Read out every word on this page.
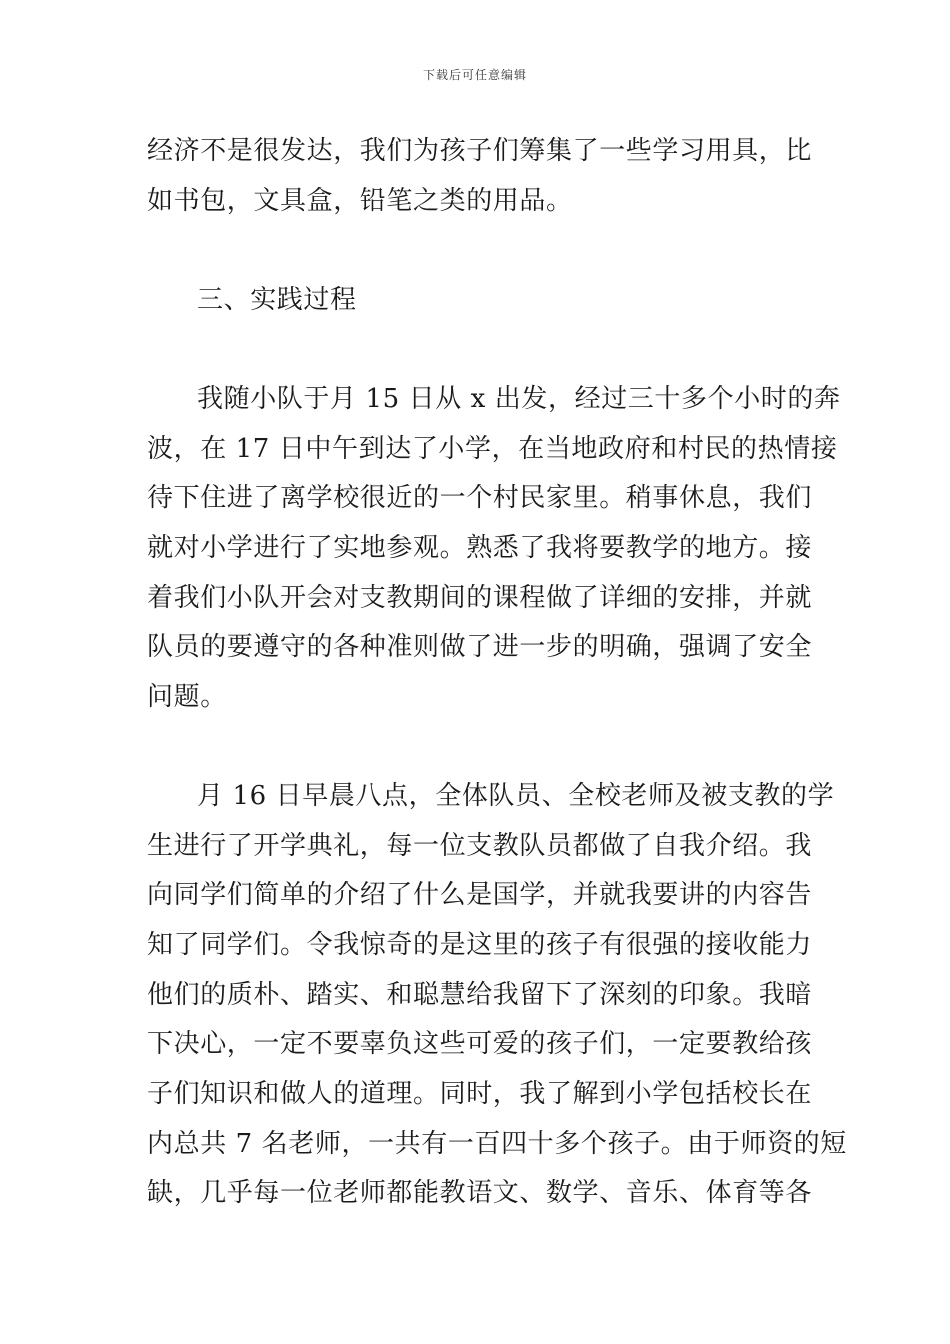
下载后可任意编辑
经济不是很发达，我们为孩子们筹集了一些学习用具，比
如书包，文具盒，铅笔之类的用品。
三、实践过程
我随小队于月 15 日从 x 出发，经过三十多个小时的奔
波，在 17 日中午到达了小学，在当地政府和村民的热情接
待下住进了离学校很近的一个村民家里。稍事休息，我们
就对小学进行了实地参观。熟悉了我将要教学的地方。接
着我们小队开会对支教期间的课程做了详细的安排，并就
队员的要遵守的各种准则做了进一步的明确，强调了安全
问题。
月 16 日早晨八点，全体队员、全校老师及被支教的学
生进行了开学典礼，每一位支教队员都做了自我介绍。我
向同学们简单的介绍了什么是国学，并就我要讲的内容告
知了同学们。令我惊奇的是这里的孩子有很强的接收能力
他们的质朴、踏实、和聪慧给我留下了深刻的印象。我暗
下决心，一定不要辜负这些可爱的孩子们，一定要教给孩
子们知识和做人的道理。同时，我了解到小学包括校长在
内总共 7 名老师，一共有一百四十多个孩子。由于师资的短
缺，几乎每一位老师都能教语文、数学、音乐、体育等各
